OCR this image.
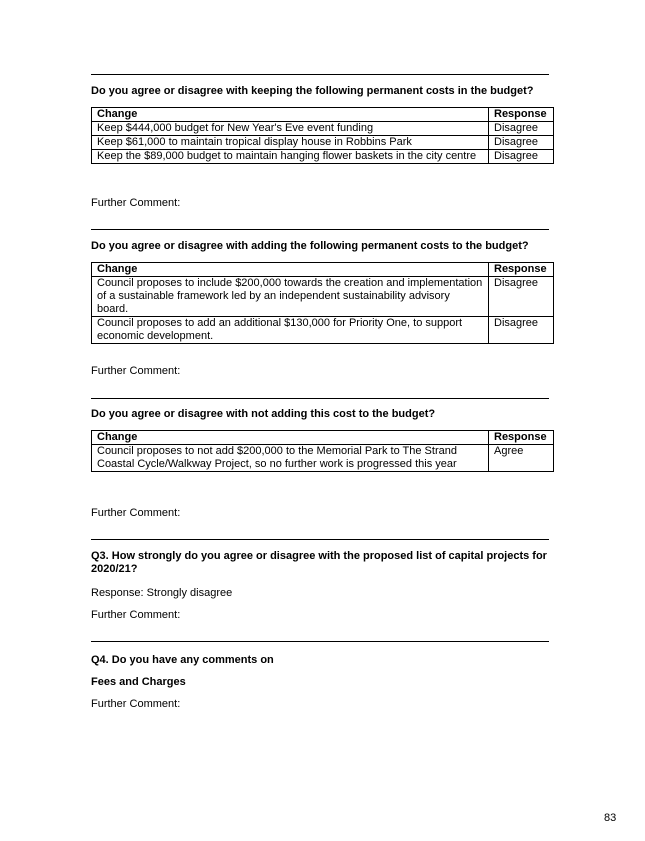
Do you agree or disagree with keeping the following permanent costs in the budget?
Change	Response
Keep $444,000 budget for New Year's Eve event funding	Disagree
Keep $61,000 to maintain tropical display house in Robbins Park	Disagree
Keep the $89,000 budget to maintain hanging flower baskets in the city centre	Disagree
Further Comment:
Do you agree or disagree with adding the following permanent costs to the budget?
Change	Response
Council proposes to include $200,000 towards the creation and implementation of a sustainable framework led by an independent sustainability advisory board.	Disagree
Council proposes to add an additional $130,000 for Priority One, to support economic development.	Disagree
Further Comment:
Do you agree or disagree with not adding this cost to the budget?
Change	Response
Council proposes to not add $200,000 to the Memorial Park to The Strand Coastal Cycle/Walkway Project, so no further work is progressed this year	Agree
Further Comment:
Q3. How strongly do you agree or disagree with the proposed list of capital projects for 2020/21?
Response: Strongly disagree
Further Comment:
Q4. Do you have any comments on
Fees and Charges
Further Comment:
83
